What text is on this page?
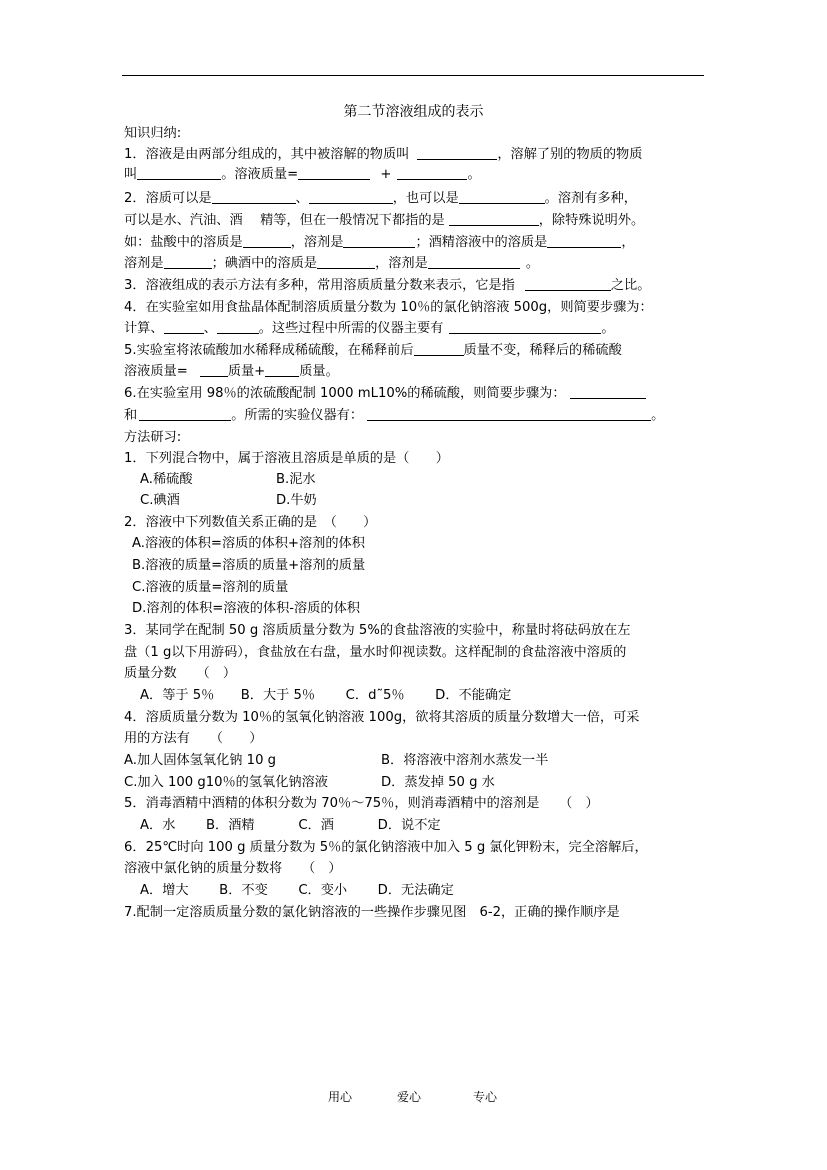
第二节溶液组成的表示
知识归纳:
1．溶液是由两部分组成的，其中被溶解的物质叫	，溶解了别的物质的物质
叫	。溶液质量=	+	。
2．溶质可以是	、	，也可以是	。溶剂有多种，
可以是水、汽油、酒　 精等，但在一般情况下都指的是	，除特殊说明外。
如：盐酸中的溶质是	，溶剂是	；酒精溶液中的溶质是	，
溶剂是	；碘酒中的溶质是	，溶剂是	。
3．溶液组成的表示方法有多种，常用溶质质量分数来表示，它是指	之比。
4．在实验室如用食盐晶体配制溶质质量分数为 10％的氯化钠溶液 500g，则简要步骤为：
计算、	、	。这些过程中所需的仪器主要有	。
5.实验室将浓硫酸加水稀释成稀硫酸，在稀释前后	质量不变，稀释后的稀硫酸
溶液质量=	质量+	质量。
6.在实验室用 98％的浓硫酸配制 1000 mL10%的稀硫酸，则简要步骤为：
和	。所需的实验仪器有：	。
方法研习:
1．下列混合物中，属于溶液且溶质是单质的是（　　）
A.稀硫酸	B.泥水
C.碘酒	D.牛奶
2．溶液中下列数值关系正确的是　（　　）
A.溶液的体积=溶质的体积+溶剂的体积
B.溶液的质量=溶质的质量+溶剂的质量
C.溶液的质量=溶剂的质量
D.溶剂的体积=溶液的体积-溶质的体积
3．某同学在配制 50 g 溶质质量分数为 5%的食盐溶液的实验中，称量时将砝码放在左
盘（1 g以下用游码），食盐放在右盘，量水时仰视读数。这样配制的食盐溶液中溶质的
质量分数　　（　）
A．等于 5％　　B．大于 5％　　 C．d˜5％　　 D．不能确定
4．溶质质量分数为 10％的氢氧化钠溶液 100g，欲将其溶质的质量分数增大一倍，可采
用的方法有　　（　　）
A.加人固体氢氧化钠 10 g	B．将溶液中溶剂水蒸发一半
C.加入 100 g10％的氢氧化钠溶液	D．蒸发掉 50 g 水
5．消毒酒精中酒精的体积分数为 70％～75％，则消毒酒精中的溶剂是　　（　）
A．水　　 B．酒精　　　 C．酒　　　 D．说不定
6．25℃时向 100 g 质量分数为 5％的氯化钠溶液中加入 5 g 氯化钾粉末，完全溶解后，
溶液中氯化钠的质量分数将　　（　）
A．增大　　 B．不变　　 C．变小　　 D．无法确定
7.配制一定溶质质量分数的氯化钠溶液的一些操作步骤见图　6-2，正确的操作顺序是
用心	爱心	专心
